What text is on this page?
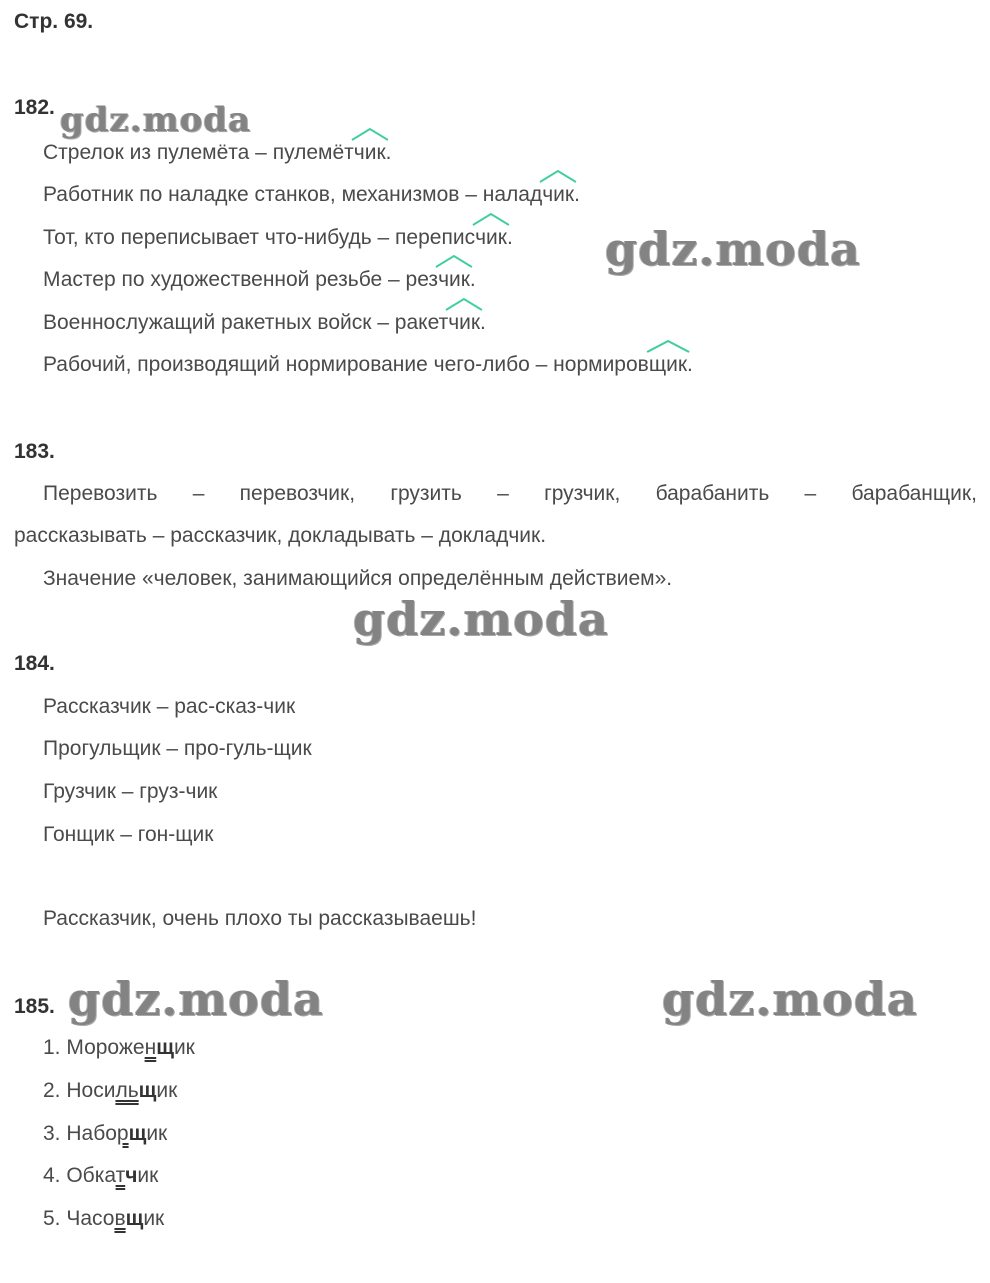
Стр. 69.
182.
Стрелок из пулемёта – пулемёт
чик.
Работник по наладке станков, механизмов – налад
чик.
Тот, кто переписывает что-нибудь – перепис
чик.
Мастер по художественной резьбе – рез
чик.
Военнослужащий ракетных войск – ракет
чик.
Рабочий, производящий нормирование чего-либо – нормиров
щик.
183.
Перевозить – перевозчик, грузить – грузчик, барабанить – барабанщик,
рассказывать – рассказчик, докладывать – докладчик.
Значение «человек, занимающийся определённым действием».
184.
Рассказчик – рас-сказ-чик
Прогульщик – про-гуль-щик
Грузчик – груз-чик
Гонщик – гон-щик
Рассказчик, очень плохо ты рассказываешь!
185.
1. Мороженщик
2. Носильщик
3. Наборщик
4. Обкатчик
5. Часовщик
gdz.moda
gdz.moda
gdz.moda
gdz.moda	gdz.moda
